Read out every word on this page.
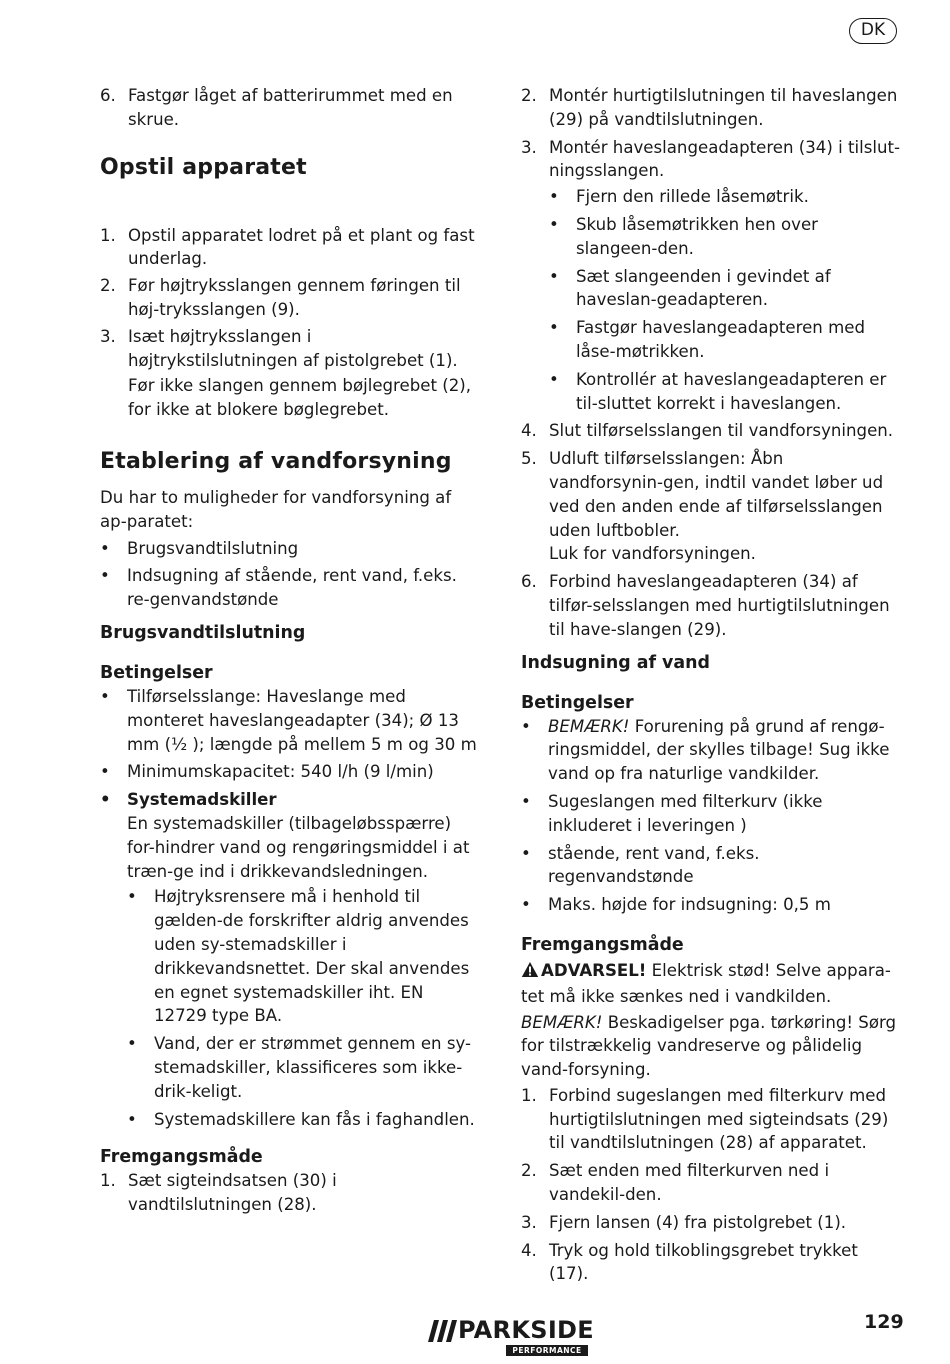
DK
6. Fastgør låget af batterirummet med en skrue.
Opstil apparatet
1. Opstil apparatet lodret på et plant og fast underlag.
2. Før højtryksslangen gennem føringen til høj-tryksslangen (9).
3. Isæt højtryksslangen i højtrykstilslutningen af pistolgrebet (1).

Før ikke slangen gennem bøjlegrebet (2), for ikke at blokere bøglegrebet.

Etablering af vandforsyning

Du har to muligheder for vandforsyning af ap-paratet:

•	Brugsvandtilslutning
•	Indsugning af stående, rent vand, f.eks. re-genvandstønde
Brugsvandtilslutning
Betingelser
•	Tilførselsslange: Haveslange med monteret haveslangeadapter (34); Ø 13 mm (½ ); længde på mellem 5 m og 30 m
•	Minimumskapacitet: 540 l/h (9 l/min)
• Systemadskiller

En systemadskiller (tilbageløbsspærre) for-hindrer vand og rengøringsmiddel i at træn-ge ind i drikkevandsledningen.

•	Højtryksrensere må i henhold til gælden-de forskrifter aldrig anvendes uden sy-stemadskiller i drikkevandsnettet. Der skal anvendes en egnet systemadskiller iht. EN 12729 type BA.
•	Vand, der er strømmet gennem en sy-stemadskiller, klassificeres som ikke-drik-keligt.
•	Systemadskillere kan fås i faghandlen.
Fremgangsmåde
1. Sæt sigteindsatsen (30) i vandtilslutningen (28).
2. Montér hurtigtilslutningen til haveslangen (29) på vandtilslutningen.
3. Montér haveslangeadapteren (34) i tilslut-ningsslangen.

•	Fjern den rillede låsemøtrik.
•	Skub låsemøtrikken hen over slangeen-den.
•	Sæt slangeenden i gevindet af haveslan-geadapteren.
•	Fastgør haveslangeadapteren med låse-møtrikken.
•	Kontrollér at haveslangeadapteren er til-sluttet korrekt i haveslangen.
4. Slut tilførselsslangen til vandforsyningen.
5. Udluft tilførselsslangen: Åbn vandforsynin-gen, indtil vandet løber ud ved den anden ende af tilførselsslangen uden luftbobler.

Luk for vandforsyningen.

6. Forbind haveslangeadapteren (34) af tilfør-selsslangen med hurtigtilslutningen til have-slangen (29).
Indsugning af vand
Betingelser
•	BEMÆRK! Forurening på grund af rengø-ringsmiddel, der skylles tilbage! Sug ikke vand op fra naturlige vandkilder.
•	Sugeslangen med filterkurv (ikke inkluderet i leveringen )
•	stående, rent vand, f.eks. regenvandstønde
•	Maks. højde for indsugning: 0,5 m
Fremgangsmåde

ADVARSEL! Elektrisk stød! Selve appara-tet må ikke sænkes ned i vandkilden.

BEMÆRK! Beskadigelser pga. tørkøring! Sørg for tilstrækkelig vandreserve og pålidelig vand-forsyning.

1. Forbind sugeslangen med filterkurv med hurtigtilslutningen med sigteindsats (29) til vandtilslutningen (28) af apparatet.
2. Sæt enden med filterkurven ned i vandekil-den.
3. Fjern lansen (4) fra pistolgrebet (1).
4. Tryk og hold tilkoblingsgrebet trykket (17).
PARKSIDE
PERFORMANCE
129
